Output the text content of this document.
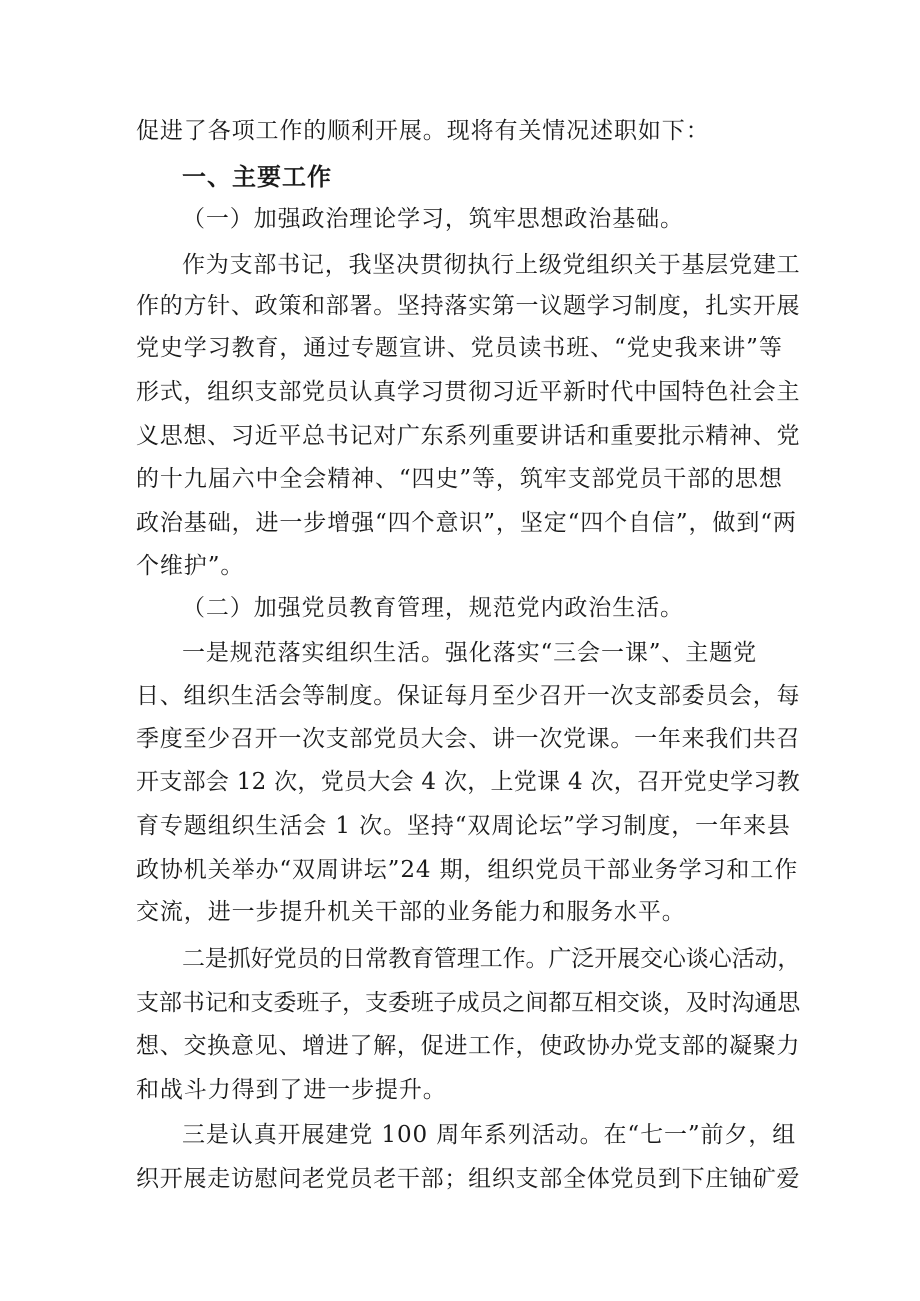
促进了各项工作的顺利开展。现将有关情况述职如下：
一、主要工作
（一）加强政治理论学习，筑牢思想政治基础。
作为支部书记，我坚决贯彻执行上级党组织关于基层党建工
作的方针、政策和部署。坚持落实第一议题学习制度，扎实开展
党史学习教育，通过专题宣讲、党员读书班、“党史我来讲”等
形式，组织支部党员认真学习贯彻习近平新时代中国特色社会主
义思想、习近平总书记对广东系列重要讲话和重要批示精神、党
的十九届六中全会精神、“四史”等，筑牢支部党员干部的思想
政治基础，进一步增强“四个意识”，坚定“四个自信”，做到“两
个维护”。
（二）加强党员教育管理，规范党内政治生活。
一是规范落实组织生活。强化落实“三会一课”、主题党
日、组织生活会等制度。保证每月至少召开一次支部委员会，每
季度至少召开一次支部党员大会、讲一次党课。一年来我们共召
开支部会 12 次，党员大会 4 次，上党课 4 次，召开党史学习教
育专题组织生活会 1 次。坚持“双周论坛”学习制度，一年来县
政协机关举办“双周讲坛”24 期，组织党员干部业务学习和工作
交流，进一步提升机关干部的业务能力和服务水平。
二是抓好党员的日常教育管理工作。广泛开展交心谈心活动，
支部书记和支委班子，支委班子成员之间都互相交谈，及时沟通思
想、交换意见、增进了解，促进工作，使政协办党支部的凝聚力
和战斗力得到了进一步提升。
三是认真开展建党 100 周年系列活动。在“七一”前夕，组
织开展走访慰问老党员老干部；组织支部全体党员到下庄铀矿爱
